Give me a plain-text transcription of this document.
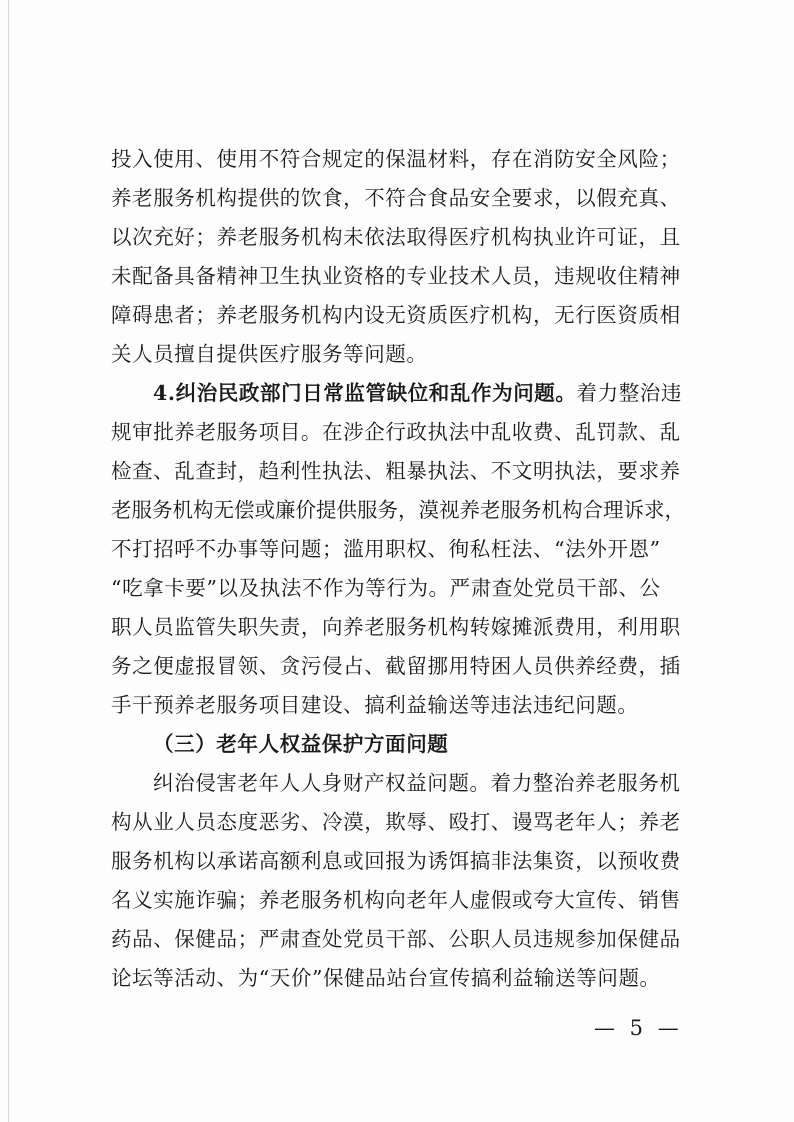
投入使用、使用不符合规定的保温材料，存在消防安全风险；
养老服务机构提供的饮食，不符合食品安全要求，以假充真、
以次充好；养老服务机构未依法取得医疗机构执业许可证，且
未配备具备精神卫生执业资格的专业技术人员，违规收住精神
障碍患者；养老服务机构内设无资质医疗机构，无行医资质相
关人员擅自提供医疗服务等问题。
4.纠治民政部门日常监管缺位和乱作为问题。着力整治违
规审批养老服务项目。在涉企行政执法中乱收费、乱罚款、乱
检查、乱查封，趋利性执法、粗暴执法、不文明执法，要求养
老服务机构无偿或廉价提供服务，漠视养老服务机构合理诉求，
不打招呼不办事等问题；滥用职权、徇私枉法、“法外开恩”
“吃拿卡要”以及执法不作为等行为。严肃查处党员干部、公
职人员监管失职失责，向养老服务机构转嫁摊派费用，利用职
务之便虚报冒领、贪污侵占、截留挪用特困人员供养经费，插
手干预养老服务项目建设、搞利益输送等违法违纪问题。
（三）老年人权益保护方面问题
纠治侵害老年人人身财产权益问题。着力整治养老服务机
构从业人员态度恶劣、冷漠，欺辱、殴打、谩骂老年人；养老
服务机构以承诺高额利息或回报为诱饵搞非法集资，以预收费
名义实施诈骗；养老服务机构向老年人虚假或夸大宣传、销售
药品、保健品；严肃查处党员干部、公职人员违规参加保健品
论坛等活动、为“天价”保健品站台宣传搞利益输送等问题。
— 5 —
